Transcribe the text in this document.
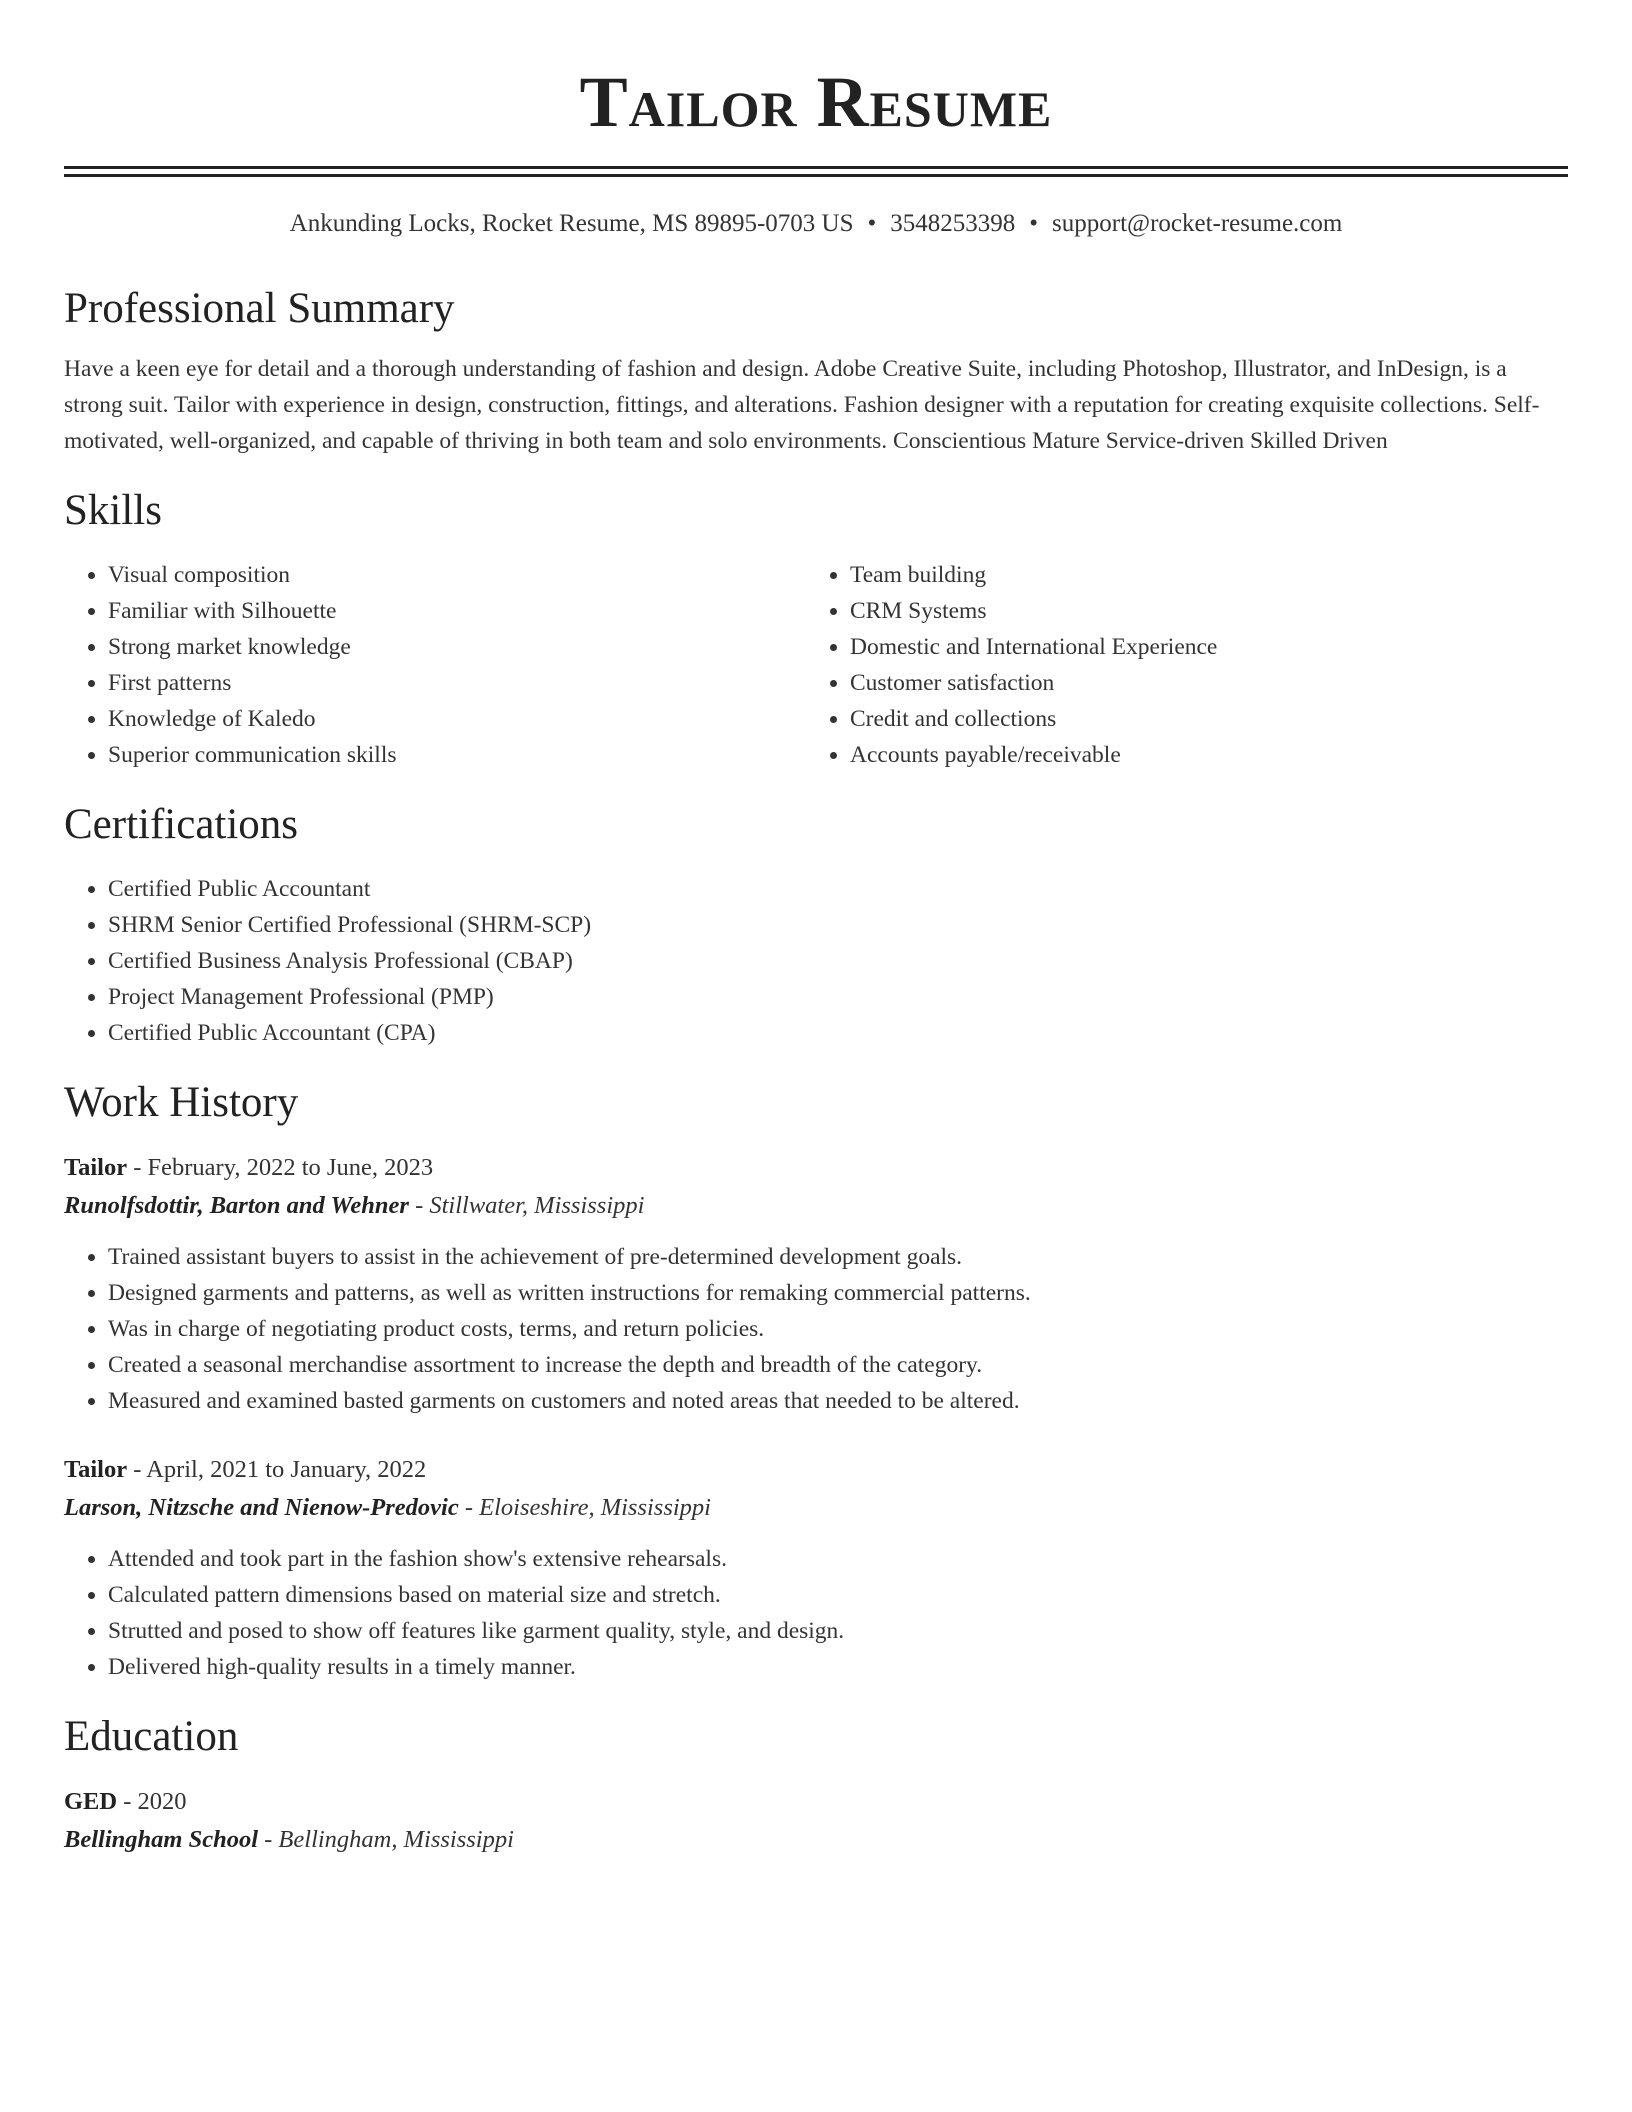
Tailor Resume
Ankunding Locks, Rocket Resume, MS 89895-0703 US • 3548253398 • support@rocket-resume.com
Professional Summary

Have a keen eye for detail and a thorough understanding of fashion and design. Adobe Creative Suite, including Photoshop, Illustrator, and InDesign, is a strong suit. Tailor with experience in design, construction, fittings, and alterations. Fashion designer with a reputation for creating exquisite collections. Self-motivated, well-organized, and capable of thriving in both team and solo environments. Conscientious Mature Service-driven Skilled Driven

Skills
• Visual composition
• Familiar with Silhouette
• Strong market knowledge
• First patterns
• Knowledge of Kaledo
• Superior communication skills
• Team building
• CRM Systems
• Domestic and International Experience
• Customer satisfaction
• Credit and collections
• Accounts payable/receivable
Certifications
• Certified Public Accountant
• SHRM Senior Certified Professional (SHRM-SCP)
• Certified Business Analysis Professional (CBAP)
• Project Management Professional (PMP)
• Certified Public Accountant (CPA)
Work History
Tailor - February, 2022 to June, 2023
Runolfsdottir, Barton and Wehner - Stillwater, Mississippi
• Trained assistant buyers to assist in the achievement of pre-determined development goals.
• Designed garments and patterns, as well as written instructions for remaking commercial patterns.
• Was in charge of negotiating product costs, terms, and return policies.
• Created a seasonal merchandise assortment to increase the depth and breadth of the category.
• Measured and examined basted garments on customers and noted areas that needed to be altered.
Tailor - April, 2021 to January, 2022
Larson, Nitzsche and Nienow-Predovic - Eloiseshire, Mississippi
• Attended and took part in the fashion show's extensive rehearsals.
• Calculated pattern dimensions based on material size and stretch.
• Strutted and posed to show off features like garment quality, style, and design.
• Delivered high-quality results in a timely manner.
Education
GED - 2020
Bellingham School - Bellingham, Mississippi
